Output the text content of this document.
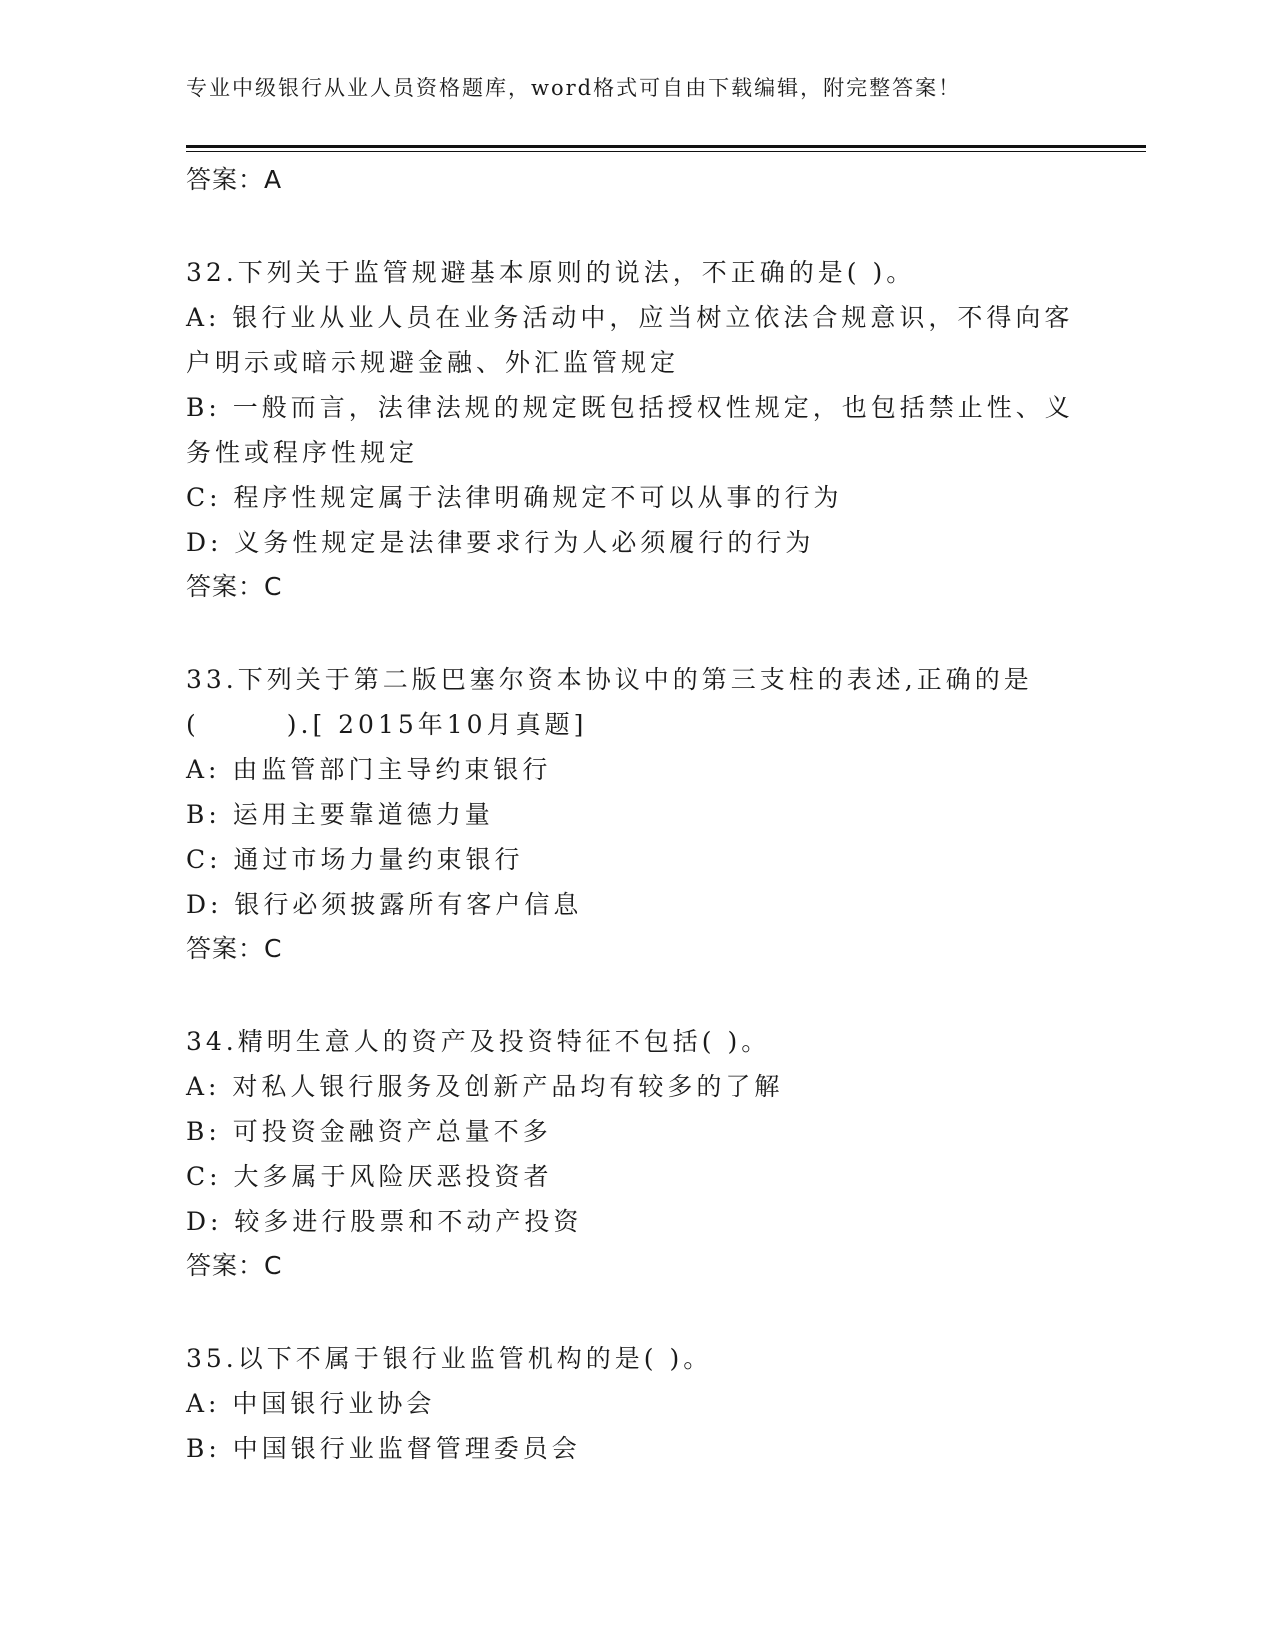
专业中级银行从业人员资格题库，word格式可自由下载编辑，附完整答案！
答案：A
32.下列关于监管规避基本原则的说法，不正确的是( )。
A: 银行业从业人员在业务活动中，应当树立依法合规意识，不得向客
户明示或暗示规避金融、外汇监管规定
B: 一般而言，法律法规的规定既包括授权性规定，也包括禁止性、义
务性或程序性规定
C: 程序性规定属于法律明确规定不可以从事的行为
D: 义务性规定是法律要求行为人必须履行的行为
答案：C
33.下列关于第二版巴塞尔资本协议中的第三支柱的表述,正确的是
(　　　).[ 2015年10月真题]
A: 由监管部门主导约束银行
B: 运用主要靠道德力量
C: 通过市场力量约束银行
D: 银行必须披露所有客户信息
答案：C
34.精明生意人的资产及投资特征不包括( )。
A: 对私人银行服务及创新产品均有较多的了解
B: 可投资金融资产总量不多
C: 大多属于风险厌恶投资者
D: 较多进行股票和不动产投资
答案：C
35.以下不属于银行业监管机构的是( )。
A: 中国银行业协会
B: 中国银行业监督管理委员会
